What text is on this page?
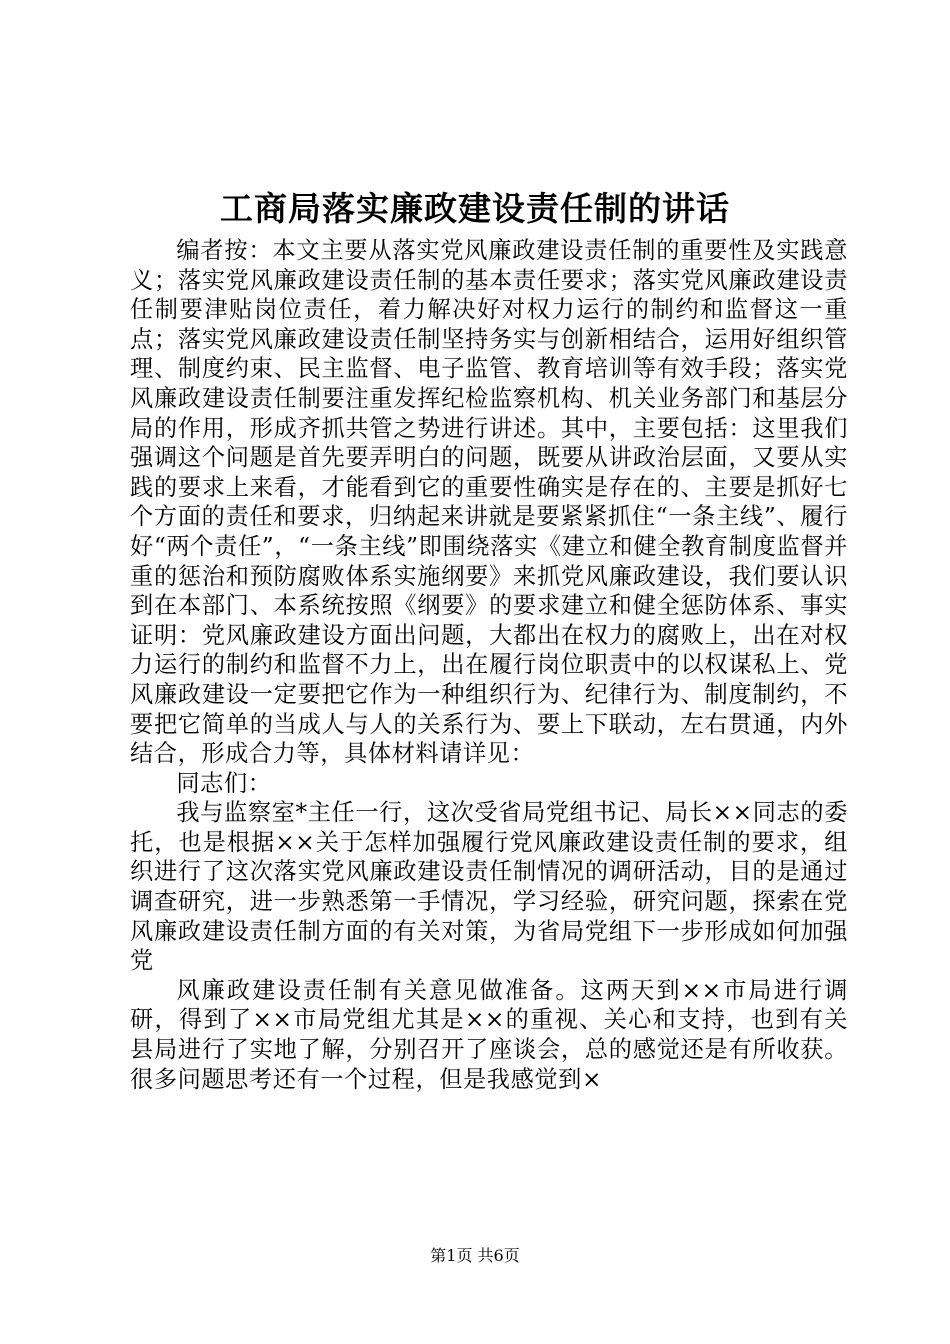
工商局落实廉政建设责任制的讲话

编者按：本文主要从落实党风廉政建设责任制的重要性及实践意义；落实党风廉政建设责任制的基本责任要求；落实党风廉政建设责任制要津贴岗位责任，着力解决好对权力运行的制约和监督这一重点；落实党风廉政建设责任制坚持务实与创新相结合，运用好组织管理、制度约束、民主监督、电子监管、教育培训等有效手段；落实党风廉政建设责任制要注重发挥纪检监察机构、机关业务部门和基层分局的作用，形成齐抓共管之势进行讲述。其中，主要包括：这里我们强调这个问题是首先要弄明白的问题，既要从讲政治层面，又要从实践的要求上来看，才能看到它的重要性确实是存在的、主要是抓好七个方面的责任和要求，归纳起来讲就是要紧紧抓住“一条主线”、履行好“两个责任”，“一条主线”即围绕落实《建立和健全教育制度监督并重的惩治和预防腐败体系实施纲要》来抓党风廉政建设，我们要认识到在本部门、本系统按照《纲要》的要求建立和健全惩防体系、事实证明：党风廉政建设方面出问题，大都出在权力的腐败上，出在对权力运行的制约和监督不力上，出在履行岗位职责中的以权谋私上、党风廉政建设一定要把它作为一种组织行为、纪律行为、制度制约，不要把它简单的当成人与人的关系行为、要上下联动，左右贯通，内外结合，形成合力等，具体材料请详见：

同志们：

我与监察室*主任一行，这次受省局党组书记、局长××同志的委托，也是根据××关于怎样加强履行党风廉政建设责任制的要求，组织进行了这次落实党风廉政建设责任制情况的调研活动，目的是通过调查研究，进一步熟悉第一手情况，学习经验，研究问题，探索在党风廉政建设责任制方面的有关对策，为省局党组下一步形成如何加强党

风廉政建设责任制有关意见做准备。这两天到××市局进行调研，得到了××市局党组尤其是××的重视、关心和支持，也到有关县局进行了实地了解，分别召开了座谈会，总的感觉还是有所收获。很多问题思考还有一个过程，但是我感觉到×

第1页 共6页
